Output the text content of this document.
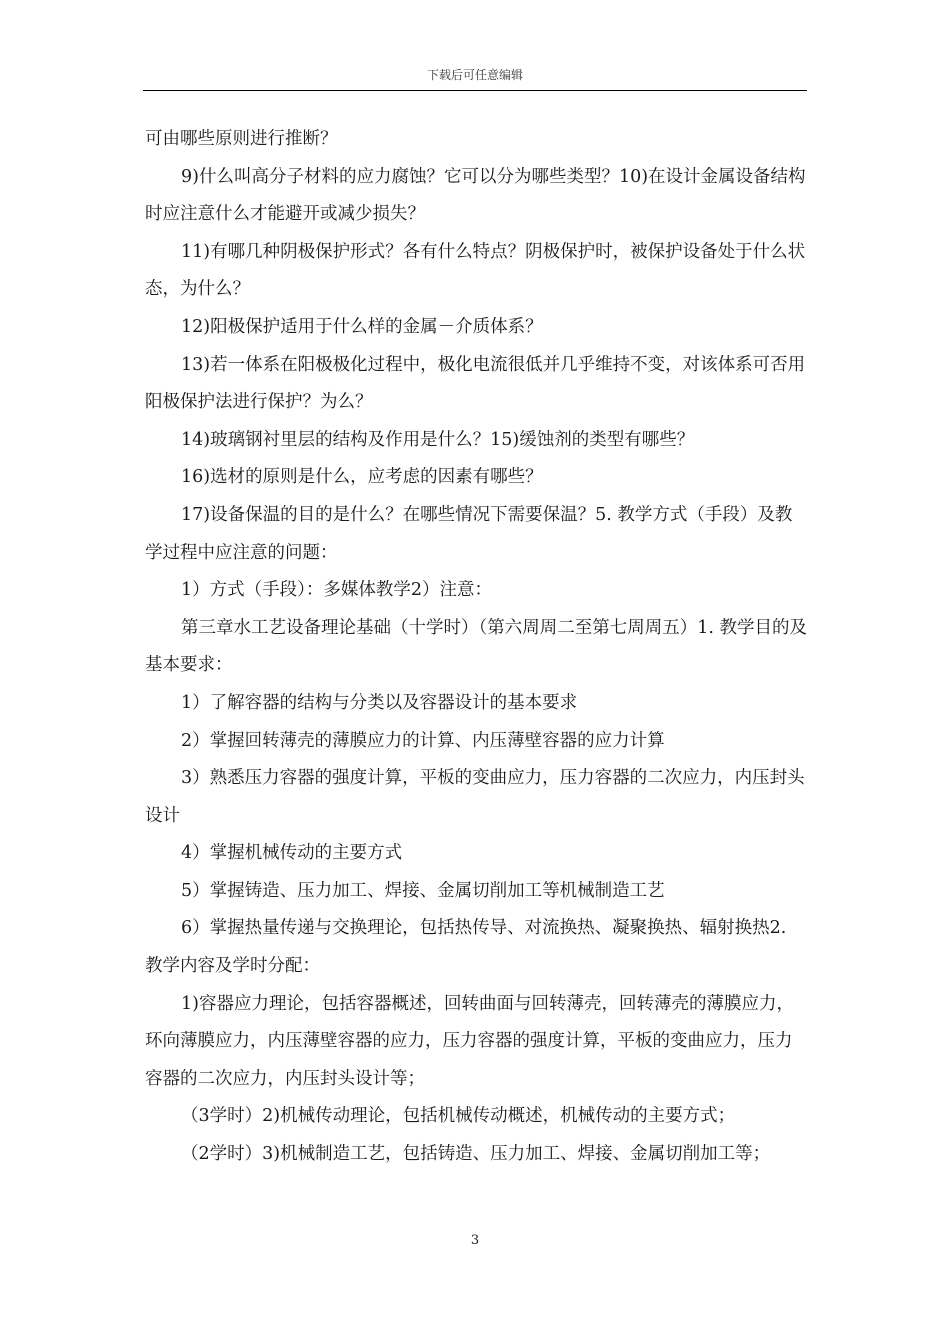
下载后可任意编辑

可由哪些原则进行推断？

9)什么叫高分子材料的应力腐蚀？它可以分为哪些类型？10)在设计金属设备结构时应注意什么才能避开或减少损失？

11)有哪几种阴极保护形式？各有什么特点？阴极保护时，被保护设备处于什么状态，为什么？

12)阳极保护适用于什么样的金属－介质体系？

13)若一体系在阳极极化过程中，极化电流很低并几乎维持不变，对该体系可否用阳极保护法进行保护？为么？

14)玻璃钢衬里层的结构及作用是什么？15)缓蚀剂的类型有哪些？

16)选材的原则是什么，应考虑的因素有哪些？

17)设备保温的目的是什么？在哪些情况下需要保温？5. 教学方式（手段）及教学过程中应注意的问题：

1）方式（手段）：多媒体教学2）注意：

第三章水工艺设备理论基础（十学时）（第六周周二至第七周周五）1. 教学目的及基本要求：

1）了解容器的结构与分类以及容器设计的基本要求

2）掌握回转薄壳的薄膜应力的计算、内压薄壁容器的应力计算

3）熟悉压力容器的强度计算，平板的变曲应力，压力容器的二次应力，内压封头设计

4）掌握机械传动的主要方式

5）掌握铸造、压力加工、焊接、金属切削加工等机械制造工艺

6）掌握热量传递与交换理论，包括热传导、对流换热、凝聚换热、辐射换热2. 教学内容及学时分配：

1)容器应力理论，包括容器概述，回转曲面与回转薄壳，回转薄壳的薄膜应力，环向薄膜应力，内压薄壁容器的应力，压力容器的强度计算，平板的变曲应力，压力容器的二次应力，内压封头设计等；

（3学时）2)机械传动理论，包括机械传动概述，机械传动的主要方式；

（2学时）3)机械制造工艺，包括铸造、压力加工、焊接、金属切削加工等；

3
